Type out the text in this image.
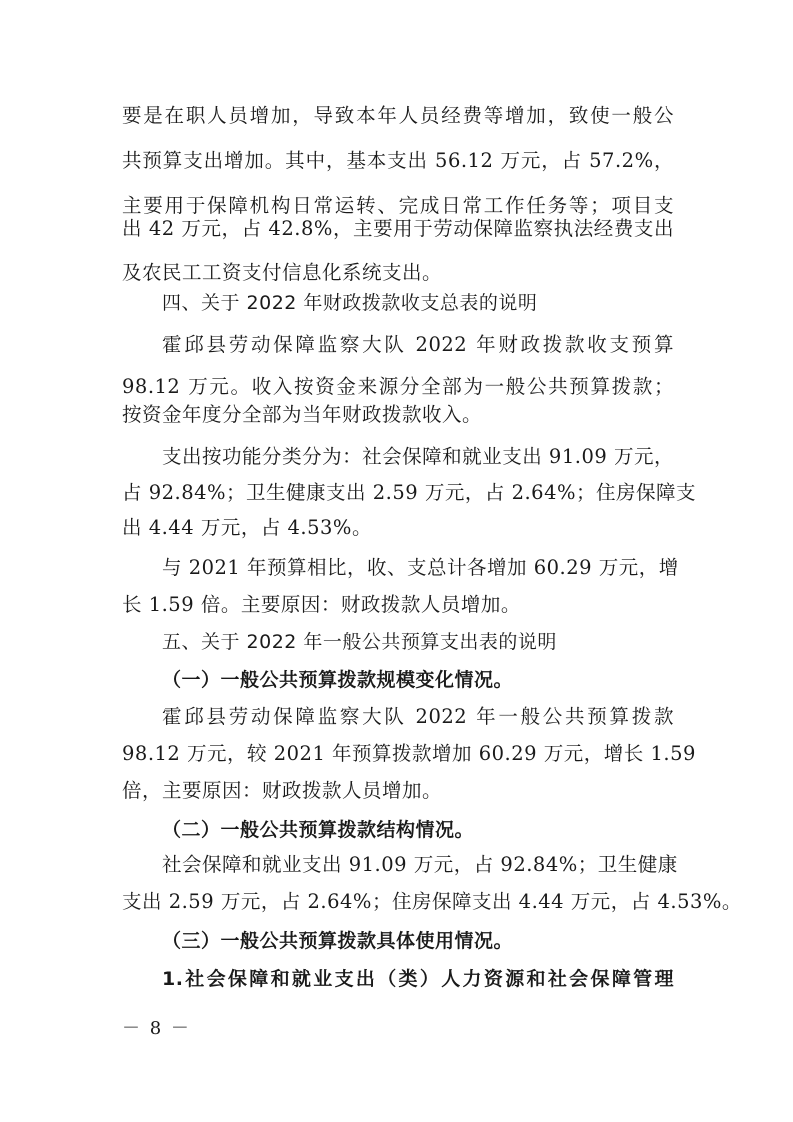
要是在职人员增加，导致本年人员经费等增加，致使一般公
共预算支出增加。其中，基本支出 56.12 万元，占 57.2%，
主要用于保障机构日常运转、完成日常工作任务等；项目支
出 42 万元，占 42.8%，主要用于劳动保障监察执法经费支出
及农民工工资支付信息化系统支出。
四、关于 2022 年财政拨款收支总表的说明
霍邱县劳动保障监察大队 2022 年财政拨款收支预算
98.12 万元。收入按资金来源分全部为一般公共预算拨款；
按资金年度分全部为当年财政拨款收入。
支出按功能分类分为：社会保障和就业支出 91.09 万元，
占 92.84%；卫生健康支出 2.59 万元，占 2.64%；住房保障支
出 4.44 万元，占 4.53%。
与 2021 年预算相比，收、支总计各增加 60.29 万元，增
长 1.59 倍。主要原因：财政拨款人员增加。
五、关于 2022 年一般公共预算支出表的说明
（一）一般公共预算拨款规模变化情况。
霍邱县劳动保障监察大队 2022 年一般公共预算拨款
98.12 万元，较 2021 年预算拨款增加 60.29 万元，增长 1.59
倍，主要原因：财政拨款人员增加。
（二）一般公共预算拨款结构情况。
社会保障和就业支出 91.09 万元，占 92.84%；卫生健康
支出 2.59 万元，占 2.64%；住房保障支出 4.44 万元，占 4.53%。
（三）一般公共预算拨款具体使用情况。
1.社会保障和就业支出（类）人力资源和社会保障管理
－ 8 －
